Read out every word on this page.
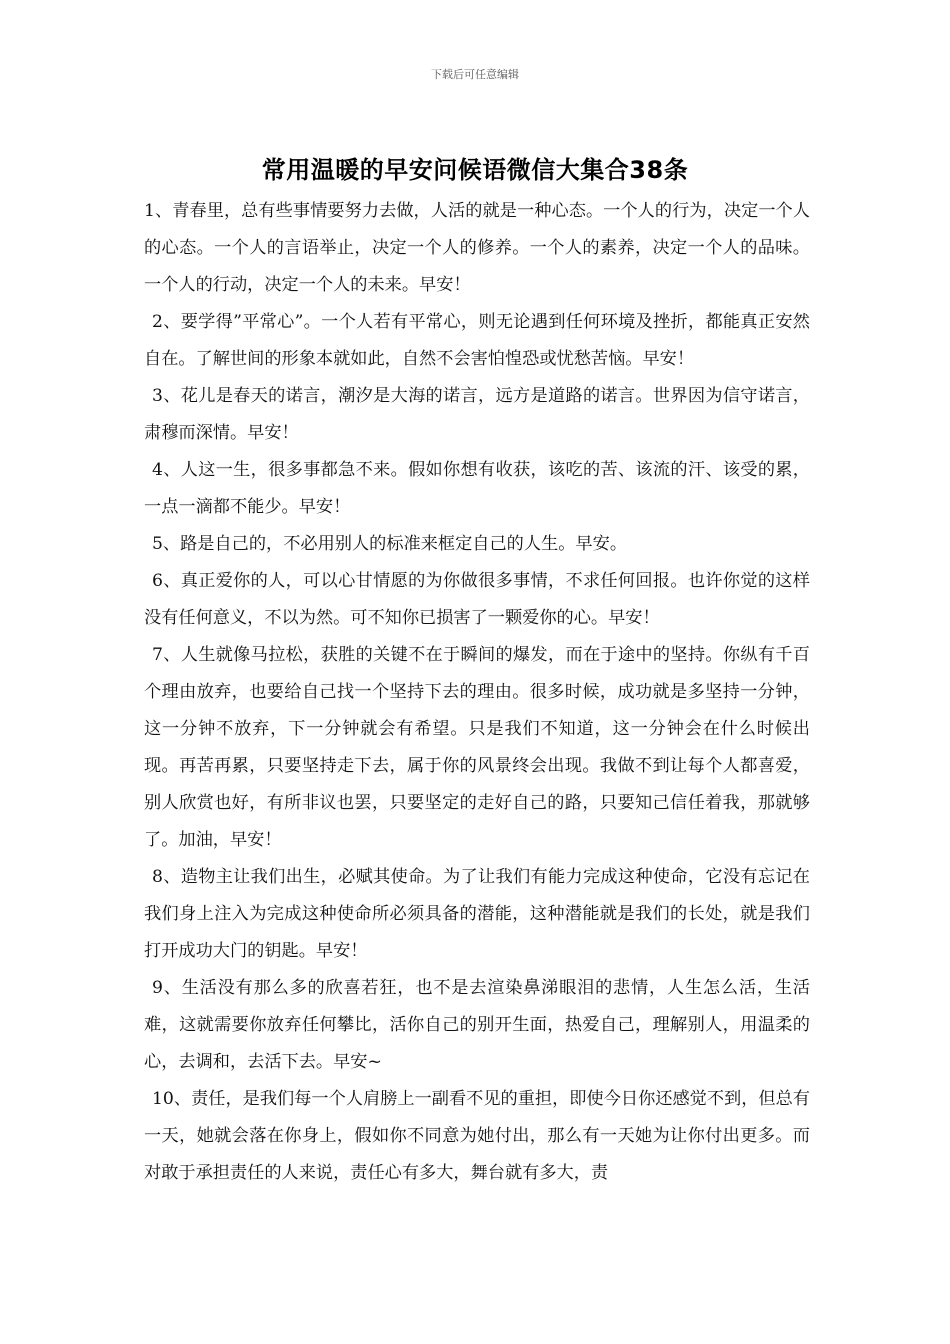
下载后可任意编辑
常用温暖的早安问候语微信大集合38条

1、青春里，总有些事情要努力去做，人活的就是一种心态。一个人的行为，决定一个人的心态。一个人的言语举止，决定一个人的修养。一个人的素养，决定一个人的品味。一个人的行动，决定一个人的未来。早安！

2、要学得”平常心”。一个人若有平常心，则无论遇到任何环境及挫折，都能真正安然自在。了解世间的形象本就如此，自然不会害怕惶恐或忧愁苦恼。早安！

3、花儿是春天的诺言，潮汐是大海的诺言，远方是道路的诺言。世界因为信守诺言，肃穆而深情。早安！

4、人这一生，很多事都急不来。假如你想有收获，该吃的苦、该流的汗、该受的累，一点一滴都不能少。早安！

5、路是自己的，不必用别人的标准来框定自己的人生。早安。

6、真正爱你的人，可以心甘情愿的为你做很多事情，不求任何回报。也许你觉的这样没有任何意义，不以为然。可不知你已损害了一颗爱你的心。早安！

7、人生就像马拉松，获胜的关键不在于瞬间的爆发，而在于途中的坚持。你纵有千百个理由放弃，也要给自己找一个坚持下去的理由。很多时候，成功就是多坚持一分钟，这一分钟不放弃，下一分钟就会有希望。只是我们不知道，这一分钟会在什么时候出现。再苦再累，只要坚持走下去，属于你的风景终会出现。我做不到让每个人都喜爱，别人欣赏也好，有所非议也罢，只要坚定的走好自己的路，只要知己信任着我，那就够了。加油，早安！

8、造物主让我们出生，必赋其使命。为了让我们有能力完成这种使命，它没有忘记在我们身上注入为完成这种使命所必须具备的潜能，这种潜能就是我们的长处，就是我们打开成功大门的钥匙。早安！

9、生活没有那么多的欣喜若狂，也不是去渲染鼻涕眼泪的悲情，人生怎么活，生活难，这就需要你放弃任何攀比，活你自己的别开生面，热爱自己，理解别人，用温柔的心，去调和，去活下去。早安~

10、责任，是我们每一个人肩膀上一副看不见的重担，即使今日你还感觉不到，但总有一天，她就会落在你身上，假如你不同意为她付出，那么有一天她为让你付出更多。而对敢于承担责任的人来说，责任心有多大，舞台就有多大，责
